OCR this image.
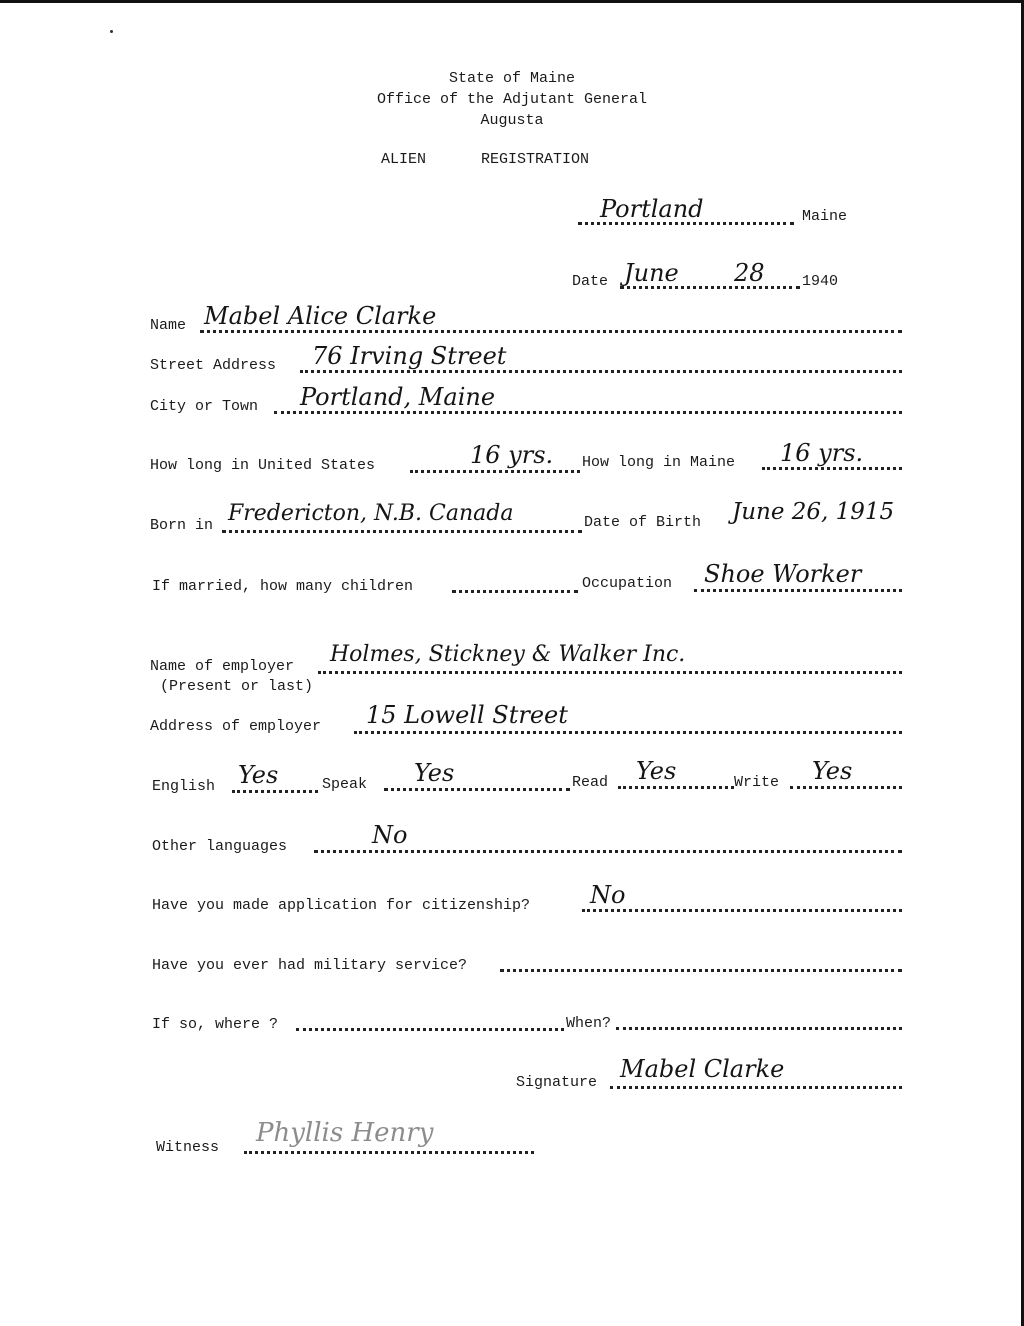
State of Maine
Office of the Adjutant General
Augusta
ALIEN	REGISTRATION
Portland	Maine
Date June 28 1940
Name Mabel Alice Clarke
Street Address 76 Irving Street
City or Town Portland, Maine
How long in United States	16 yrs. How long in Maine 16 yrs.
Born in Fredericton, N.B. Canada	Date of Birth June 26, 1915
If married, how many children	Occupation Shoe Worker
Name of employer
(Present or last)
Holmes, Stickney & Walker Inc.
Address of employer 15 Lowell Street
English Yes	Speak Yes	Read Yes	Write Yes
Other languages	No
Have you made application for citizenship? No
Have you ever had military service?
If so, where ?	When?
Signature Mabel Clarke
Witness Phyllis Henry
